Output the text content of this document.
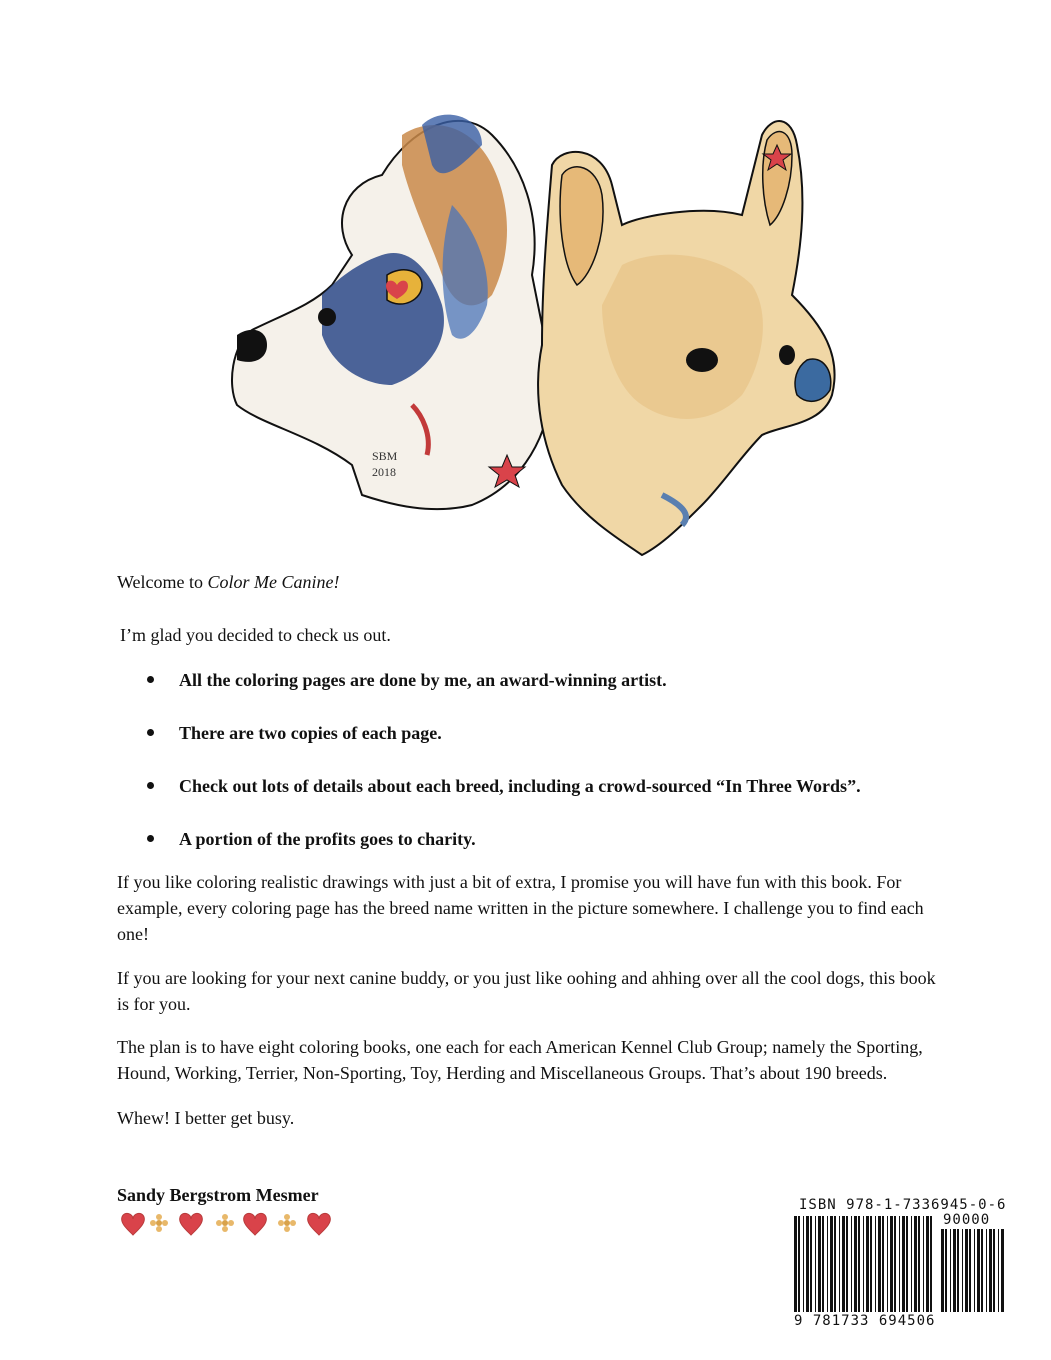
SBM
2018
Welcome to Color Me Canine!
I’m glad you decided to check us out.
All the coloring pages are done by me, an award-winning artist.
There are two copies of each page.
Check out lots of details about each breed, including a crowd-sourced “In Three Words”.
A portion of the profits goes to charity.

If you like coloring realistic drawings with just a bit of extra, I promise you will have fun with this book. For example, every coloring page has the breed name written in the picture somewhere. I challenge you to find each one!

If you are looking for your next canine buddy, or you just like oohing and ahhing over all the cool dogs, this book is for you.

The plan is to have eight coloring books, one each for each American Kennel Club Group; namely the Sporting, Hound, Working, Terrier, Non-Sporting, Toy, Herding and Miscellaneous Groups. That’s about 190 breeds.

Whew! I better get busy.

Sandy Bergstrom Mesmer	ISBN 978-1-7336945-0-6
90000
9 781733 694506
